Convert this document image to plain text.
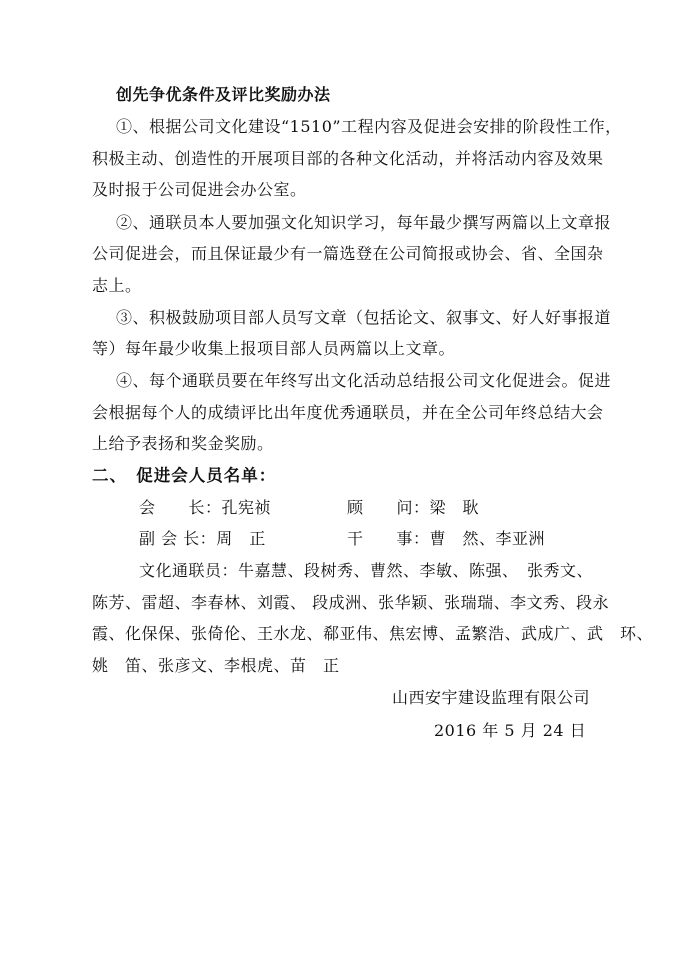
创先争优条件及评比奖励办法
①、根据公司文化建设“1510”工程内容及促进会安排的阶段性工作，
积极主动、创造性的开展项目部的各种文化活动，并将活动内容及效果
及时报于公司促进会办公室。
②、通联员本人要加强文化知识学习，每年最少撰写两篇以上文章报
公司促进会，而且保证最少有一篇选登在公司简报或协会、省、全国杂
志上。
③、积极鼓励项目部人员写文章（包括论文、叙事文、好人好事报道
等）每年最少收集上报项目部人员两篇以上文章。
④、每个通联员要在年终写出文化活动总结报公司文化促进会。促进
会根据每个人的成绩评比出年度优秀通联员，并在全公司年终总结大会
上给予表扬和奖金奖励。
二、　促进会人员名单：
会　　长：孔宪祯	顾　　问：梁　耿
副 会 长：周　正	干　　事：曹　然、李亚洲
文化通联员：牛嘉慧、段树秀、曹然、李敏、陈强、　张秀文、
陈芳、雷超、李春林、刘霞、 段成洲、张华颖、张瑞瑞、李文秀、段永
霞、化保保、张倚伦、王水龙、郗亚伟、焦宏博、孟繁浩、武成广、武　环、
姚　笛、张彦文、李根虎、苗　正
山西安宇建设监理有限公司
2016 年 5 月 24 日
